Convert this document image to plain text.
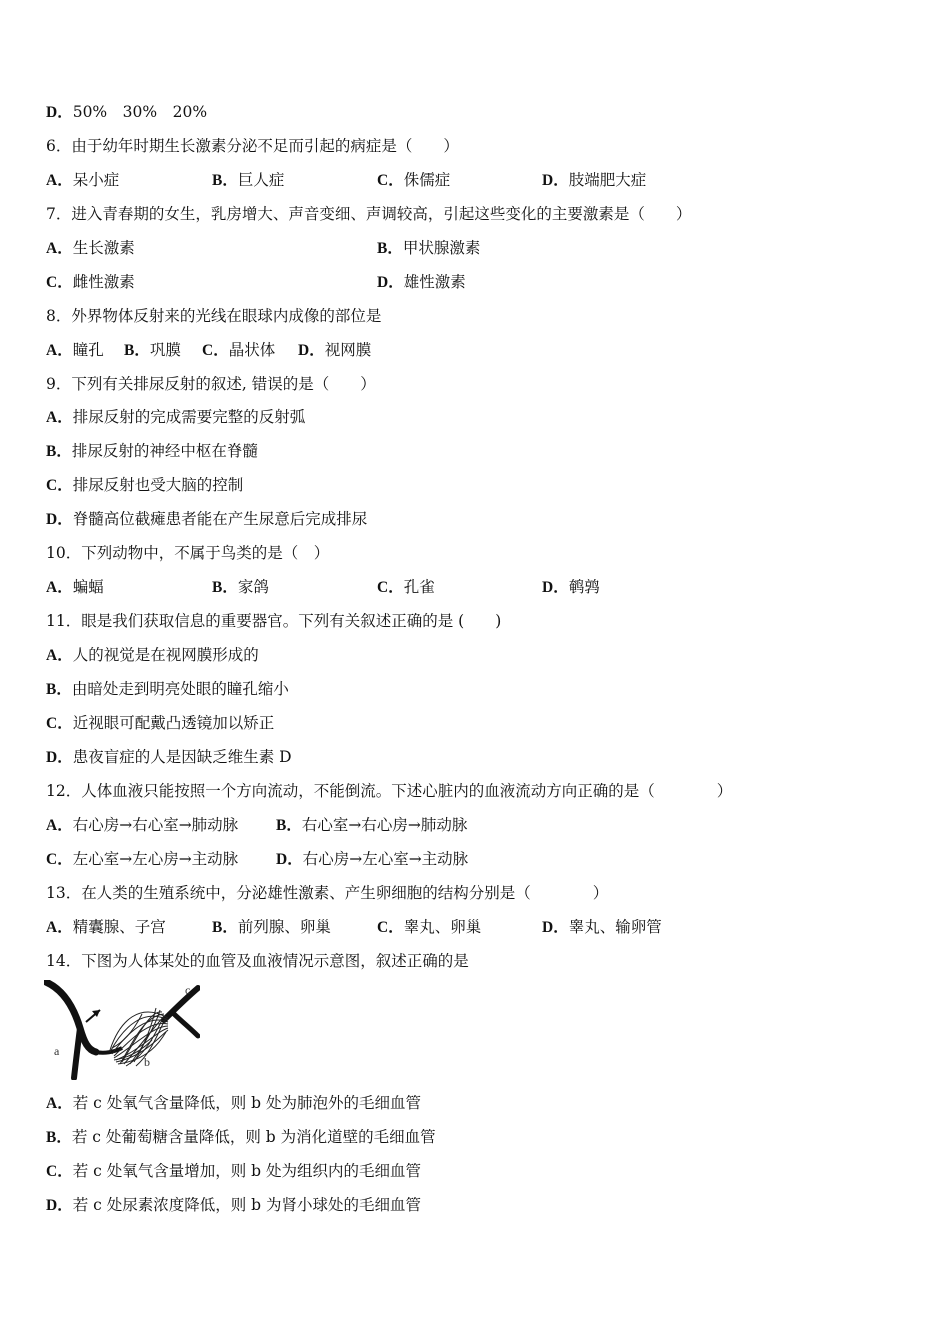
D．50%　30%　20%
6．由于幼年时期生长激素分泌不足而引起的病症是（　　）
A．呆小症	B．巨人症	C．侏儒症	D．肢端肥大症
7．进入青春期的女生，乳房增大、声音变细、声调较高，引起这些变化的主要激素是（　　）
A．生长激素	B．甲状腺激素
C．雌性激素	D．雄性激素
8．外界物体反射来的光线在眼球内成像的部位是
A．瞳孔 B．巩膜 C．晶状体 D．视网膜
9．下列有关排尿反射的叙述, 错误的是（　　）
A．排尿反射的完成需要完整的反射弧
B．排尿反射的神经中枢在脊髓
C．排尿反射也受大脑的控制
D．脊髓高位截瘫患者能在产生尿意后完成排尿
10．下列动物中，不属于鸟类的是（　）
A．蝙蝠	B．家鸽	C．孔雀	D．鹌鹑
11．眼是我们获取信息的重要器官。下列有关叙述正确的是 (　　)
A．人的视觉是在视网膜形成的
B．由暗处走到明亮处眼的瞳孔缩小
C．近视眼可配戴凸透镜加以矫正
D．患夜盲症的人是因缺乏维生素 D
12．人体血液只能按照一个方向流动，不能倒流。下述心脏内的血液流动方向正确的是（　　　　）
A．右心房→右心室→肺动脉 B．右心室→右心房→肺动脉
C．左心室→左心房→主动脉 D．右心房→左心室→主动脉
13．在人类的生殖系统中，分泌雄性激素、产生卵细胞的结构分别是（　　　　）
A．精囊腺、子宫	B．前列腺、卵巢	C．睾丸、卵巢	D．睾丸、输卵管
14．下图为人体某处的血管及血液情况示意图，叙述正确的是
a
b
c
A．若 c 处氧气含量降低，则 b 处为肺泡外的毛细血管
B．若 c 处葡萄糖含量降低，则 b 为消化道壁的毛细血管
C．若 c 处氧气含量增加，则 b 处为组织内的毛细血管
D．若 c 处尿素浓度降低，则 b 为肾小球处的毛细血管
